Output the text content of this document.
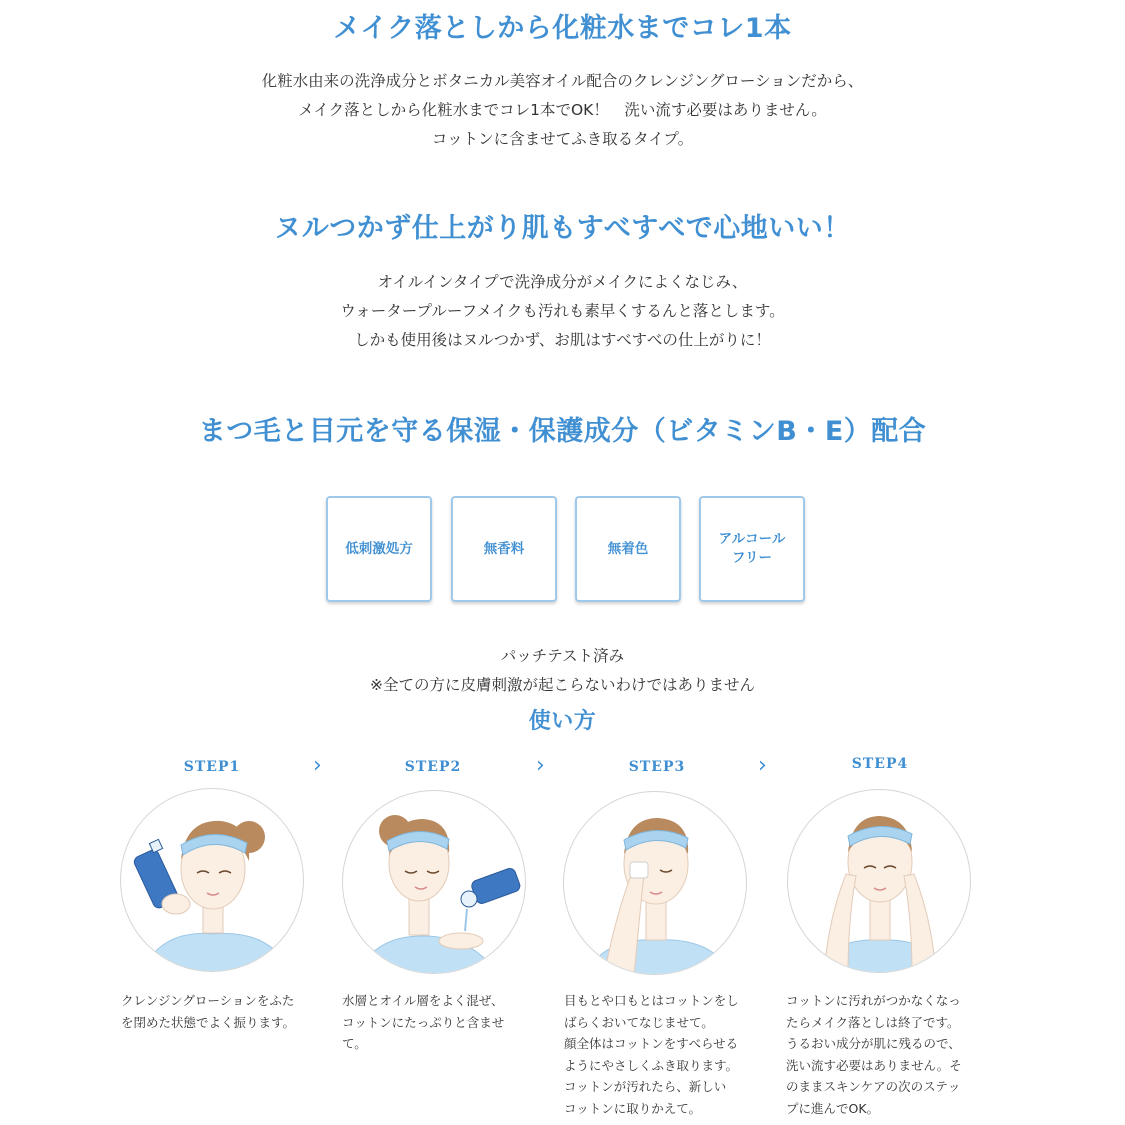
メイク落としから化粧水までコレ1本

化粧水由来の洗浄成分とボタニカル美容オイル配合のクレンジングローションだから、

メイク落としから化粧水までコレ1本でOK！　洗い流す必要はありません。

コットンに含ませてふき取るタイプ。

ヌルつかず仕上がり肌もすべすべで心地いい！

オイルインタイプで洗浄成分がメイクによくなじみ、

ウォータープルーフメイクも汚れも素早くするんと落とします。

しかも使用後はヌルつかず、お肌はすべすべの仕上がりに！

まつ毛と目元を守る保湿・保護成分（ビタミンB・E）配合
低刺激処方	無香料	無着色
アルコール
フリー

パッチテスト済み

※全ての方に皮膚刺激が起こらないわけではありません

使い方
STEP1	›	STEP2	›	STEP3	›	STEP4

クレンジングローションをふた

を閉めた状態でよく振ります。

水層とオイル層をよく混ぜ、

コットンにたっぷりと含ませ

て。

目もとや口もとはコットンをし

ばらくおいてなじませて。

顔全体はコットンをすべらせる

ようにやさしくふき取ります。

コットンが汚れたら、新しい

コットンに取りかえて。

コットンに汚れがつかなくなっ

たらメイク落としは終了です。

うるおい成分が肌に残るので、

洗い流す必要はありません。そ

のままスキンケアの次のステッ

プに進んでOK。
